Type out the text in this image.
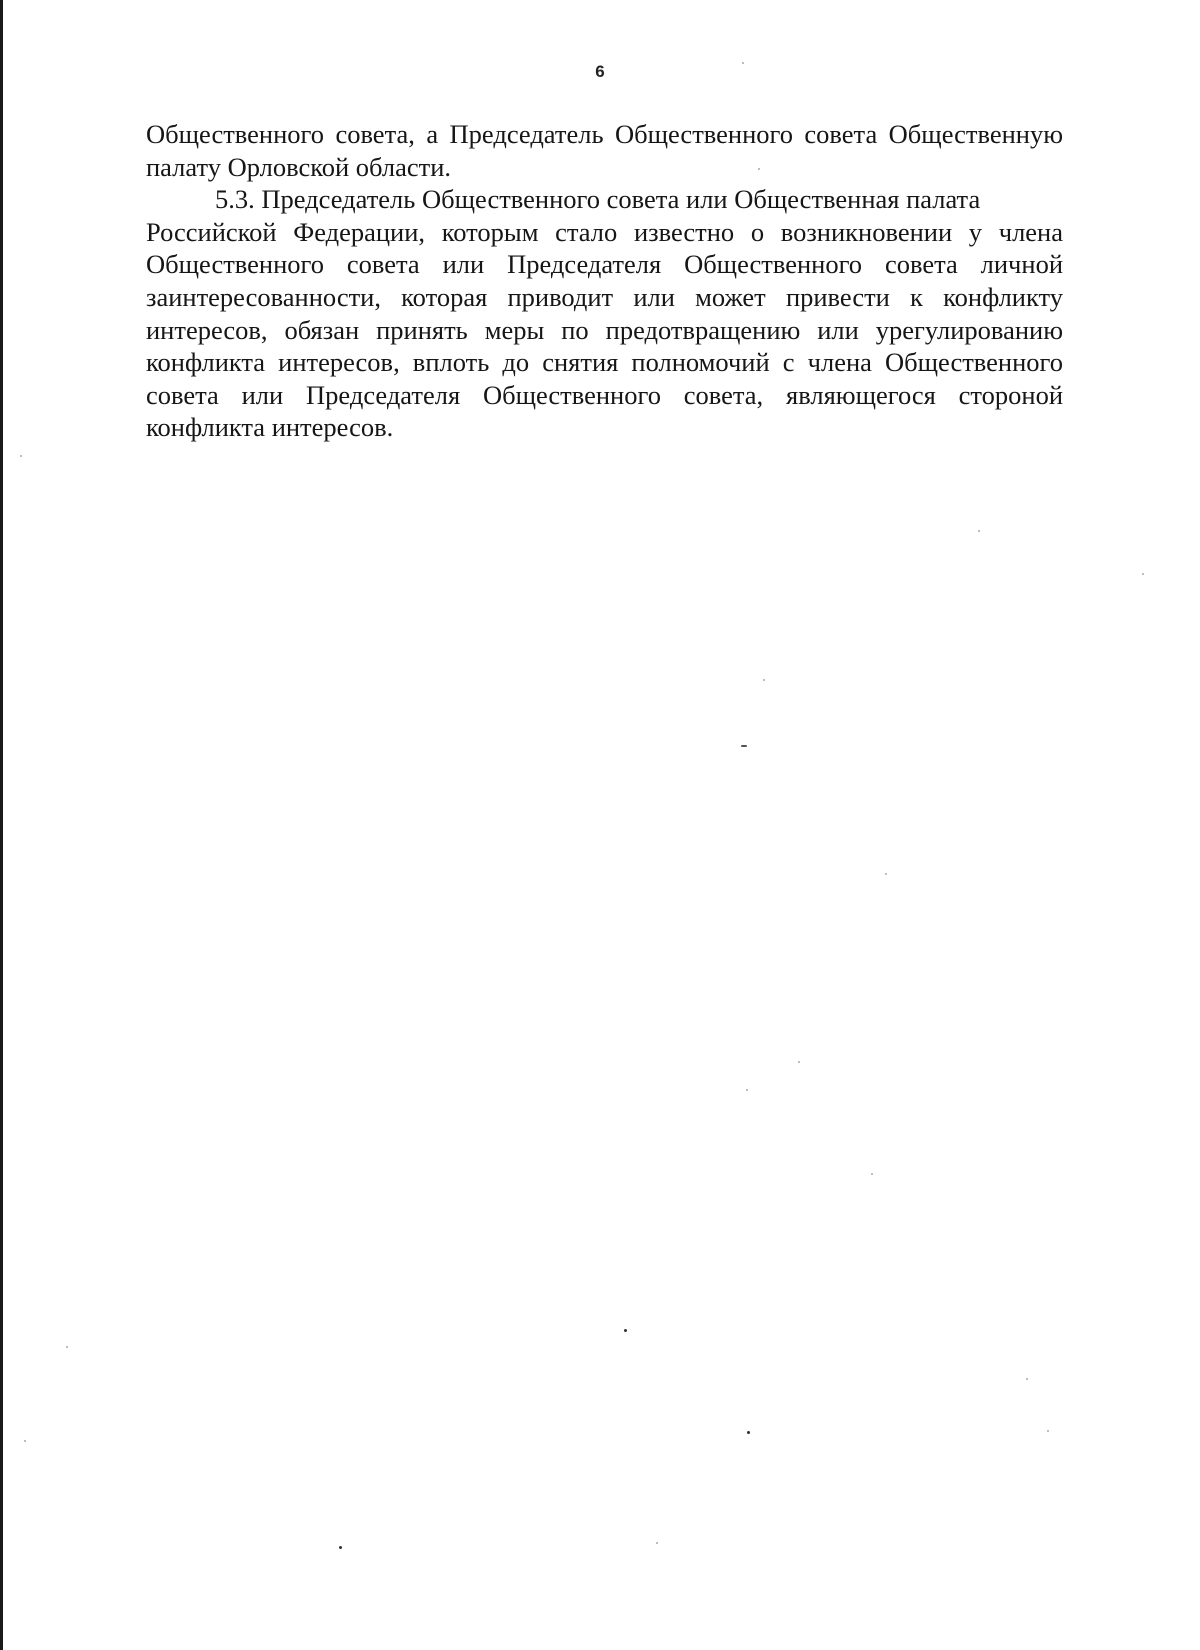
6

Общественного совета, а Председатель Общественного совета Общественную
палату Орловской области.

5.3. Председатель Общественного совета или Общественная палата
Российской Федерации, которым стало известно о возникновении у члена
Общественного совета или Председателя Общественного совета личной
заинтересованности, которая приводит или может привести к конфликту
интересов, обязан принять меры по предотвращению или урегулированию
конфликта интересов, вплоть до снятия полномочий с члена Общественного
совета или Председателя Общественного совета, являющегося стороной
конфликта интересов.
